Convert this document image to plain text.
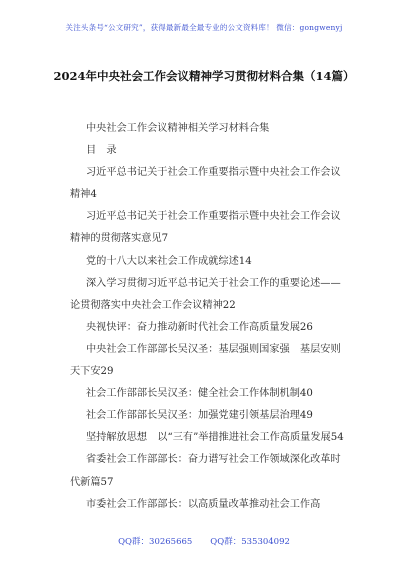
关注头条号“公文研究”，获得最新最全最专业的公文资料库！ 微信：gongwenyj
2024年中央社会工作会议精神学习贯彻材料合集（14篇）

中央社会工作会议精神相关学习材料合集

目　录

习近平总书记关于社会工作重要指示暨中央社会工作会议精神4

习近平总书记关于社会工作重要指示暨中央社会工作会议精神的贯彻落实意见7

党的十八大以来社会工作成就综述14

深入学习贯彻习近平总书记关于社会工作的重要论述——论贯彻落实中央社会工作会议精神22

央视快评：奋力推动新时代社会工作高质量发展26

中央社会工作部部长吴汉圣：基层强则国家强　基层安则天下安29

社会工作部部长吴汉圣：健全社会工作体制机制40

社会工作部部长吴汉圣：加强党建引领基层治理49

坚持解放思想　以“三有”举措推进社会工作高质量发展54

省委社会工作部部长：奋力谱写社会工作领域深化改革时代新篇57

市委社会工作部部长：以高质量改革推动社会工作高

QQ群：30265665 QQ群：535304092
